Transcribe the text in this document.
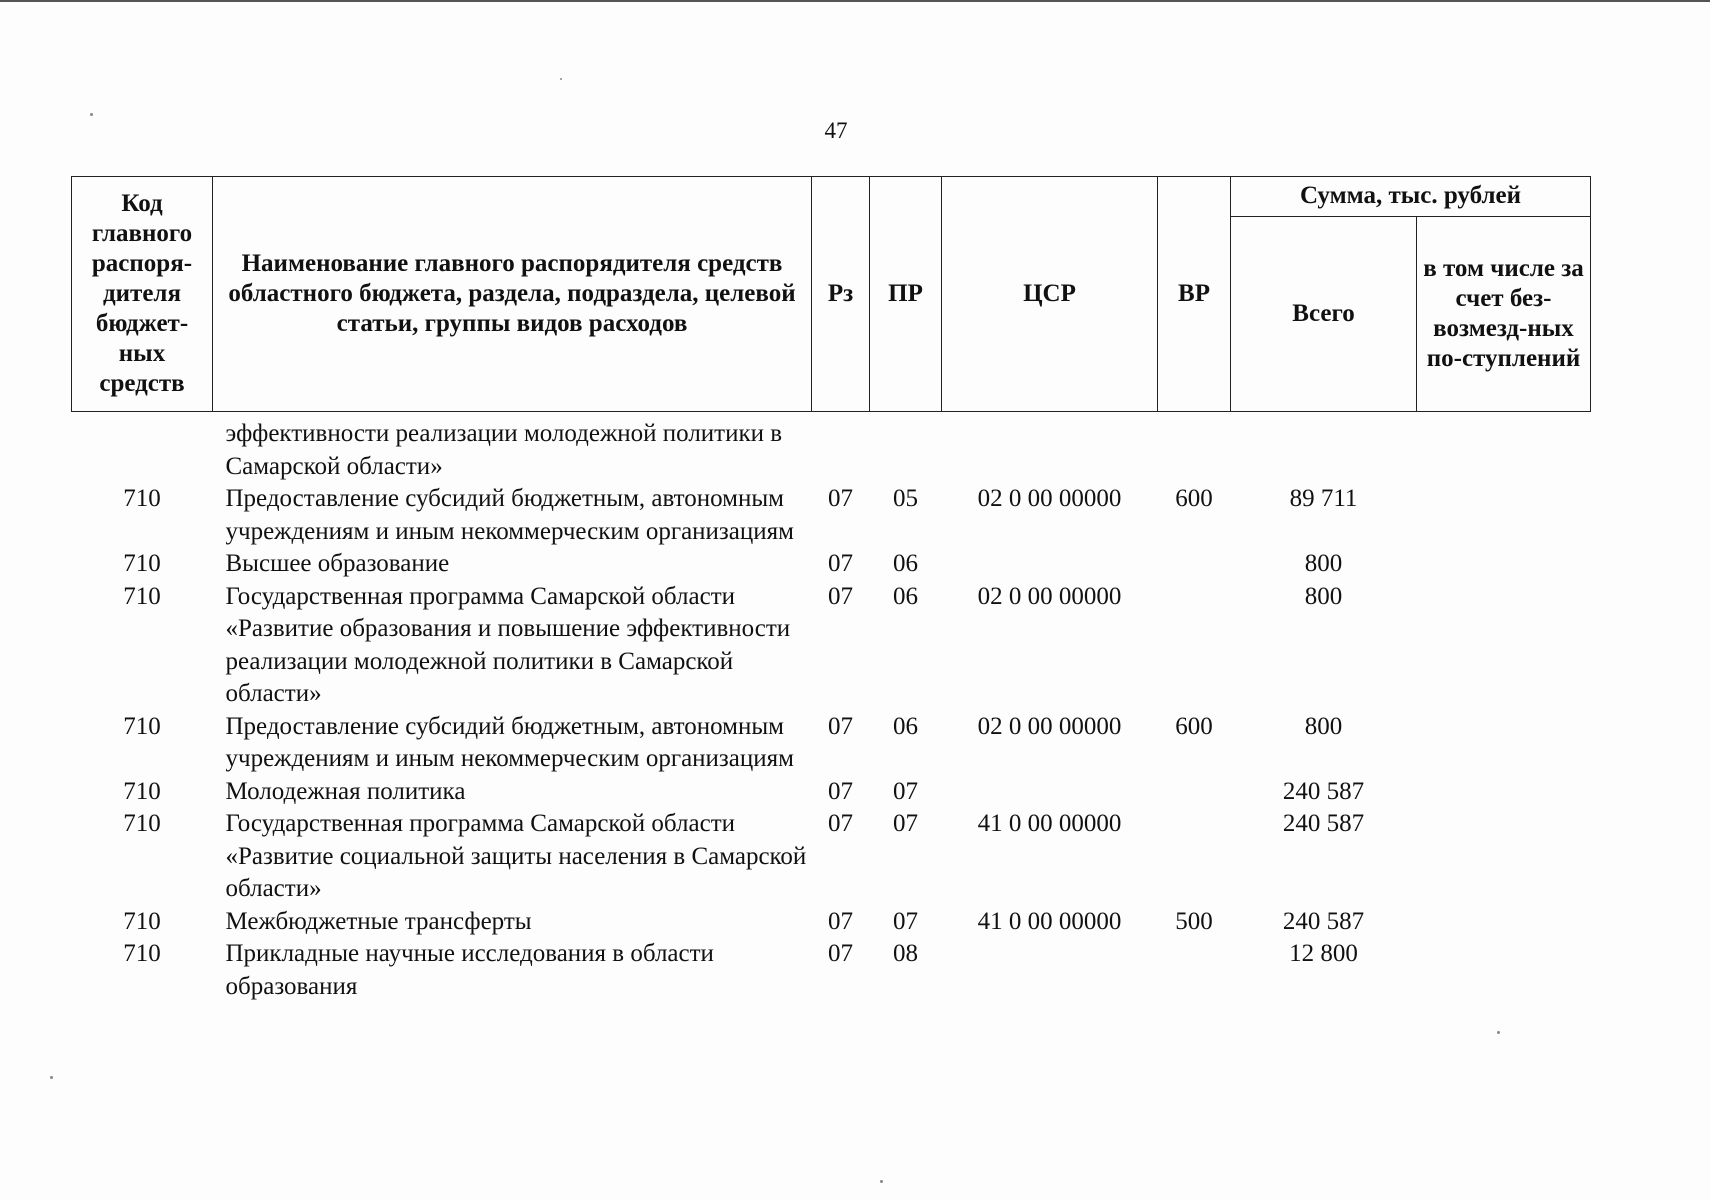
47
Код главного распоря-дителя бюджет-ных средств	Наименование главного распорядителя средств областного бюджета, раздела, подраздела, целевой статьи, группы видов расходов	Рз	ПР	ЦСР	ВР	Сумма, тыс. рублей	
						Всего	в том числе за счет без-возмезд-ных по-ступлений
	эффективности реализации молодежной политики в Самарской области»						
710	Предоставление субсидий бюджетным, автономным учреждениям и иным некоммерческим организациям	07	05	02 0 00 00000	600	89 711	
710	Высшее образование	07	06			800	
710	Государственная программа Самарской области «Развитие образования и повышение эффективности реализации молодежной политики в Самарской области»	07	06	02 0 00 00000		800	
710	Предоставление субсидий бюджетным, автономным учреждениям и иным некоммерческим организациям	07	06	02 0 00 00000	600	800	
710	Молодежная политика	07	07			240 587	
710	Государственная программа Самарской области «Развитие социальной защиты населения в Самарской области»	07	07	41 0 00 00000		240 587	
710	Межбюджетные трансферты	07	07	41 0 00 00000	500	240 587	
710	Прикладные научные исследования в области образования	07	08			12 800	
